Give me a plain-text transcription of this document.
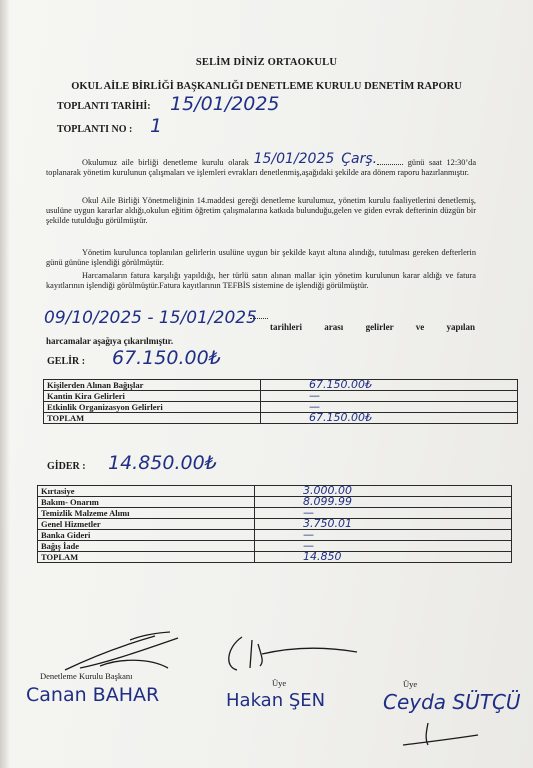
SELİM DİNİZ ORTAOKULU
OKUL AİLE BİRLİĞİ BAŞKANLIĞI DENETLEME KURULU DENETİM RAPORU
TOPLANTI TARİHİ: 15/01/2025
TOPLANTI NO : 1
Okulumuz aile birliği denetleme kurulu olarak 15/01/2025 Çarş.	günü saat 12:30’da toplanarak yönetim kurulunun çalışmaları ve işlemleri evrakları denetlenmiş,aşağıdaki şekilde ara dönem raporu hazırlanmıştır.
Okul Aile Birliği Yönetmeliğinin 14.maddesi gereği denetleme kurulumuz, yönetim kurulu faaliyetlerini denetlemiş, usulüne uygun kararlar aldığı,okulun eğitim öğretim çalışmalarına katkıda bulunduğu,gelen ve giden evrak defterinin düzgün bir şekilde tutulduğu görülmüştür.
Yönetim kurulunca toplanılan gelirlerin usulüne uygun bir şekilde kayıt altına alındığı, tutulması gereken defterlerin günü gününe işlendiği görülmüştür.
Harcamaların fatura karşılığı yapıldığı, her türlü satın alınan mallar için yönetim kurulunun karar aldığı ve fatura kayıtlarının işlendiği görülmüştür.Fatura kayıtlarının TEFBİS sistemine de işlendiği görülmüştür.
09/10/2025 - 15/01/2025 tarihleri arası gelirler ve yapılan
harcamalar aşağıya çıkarılmıştır.
GELİR : 67.150.00₺
Kişilerden Alınan Bağışlar	67.150.00₺
Kantin Kira Gelirleri	—
Etkinlik Organizasyon Gelirleri	—
TOPLAM	67.150.00₺
GİDER : 14.850.00₺
Kırtasiye	3.000.00
Bakım- Onarım	8.099.99
Temizlik Malzeme Alımı	—
Genel Hizmetler	3.750.01
Banka Gideri	—
Bağış İade	—
TOPLAM	14.850
Denetleme Kurulu Başkanı
Canan BAHAR
Üye
Hakan ŞEN
Üye
Ceyda SÜTÇÜ
